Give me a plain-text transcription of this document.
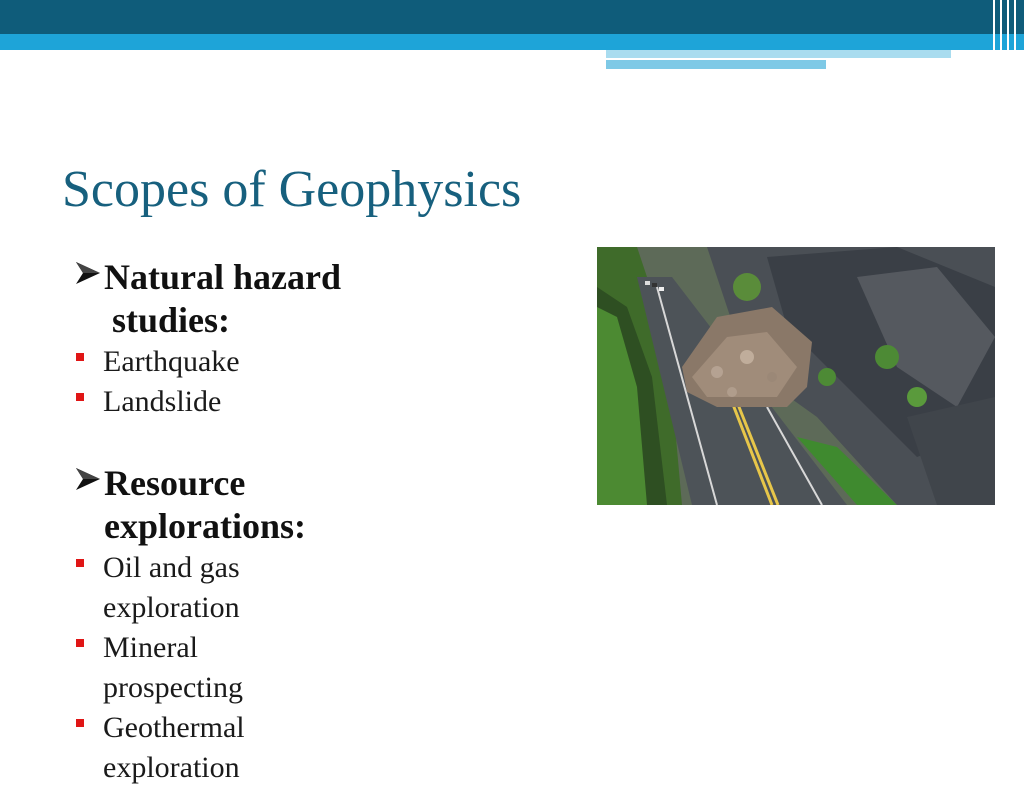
Scopes of Geophysics
Natural hazard
studies:
Earthquake
Landslide
Resource
explorations:
Oil and gas
exploration
Mineral
prospecting
Geothermal
exploration
